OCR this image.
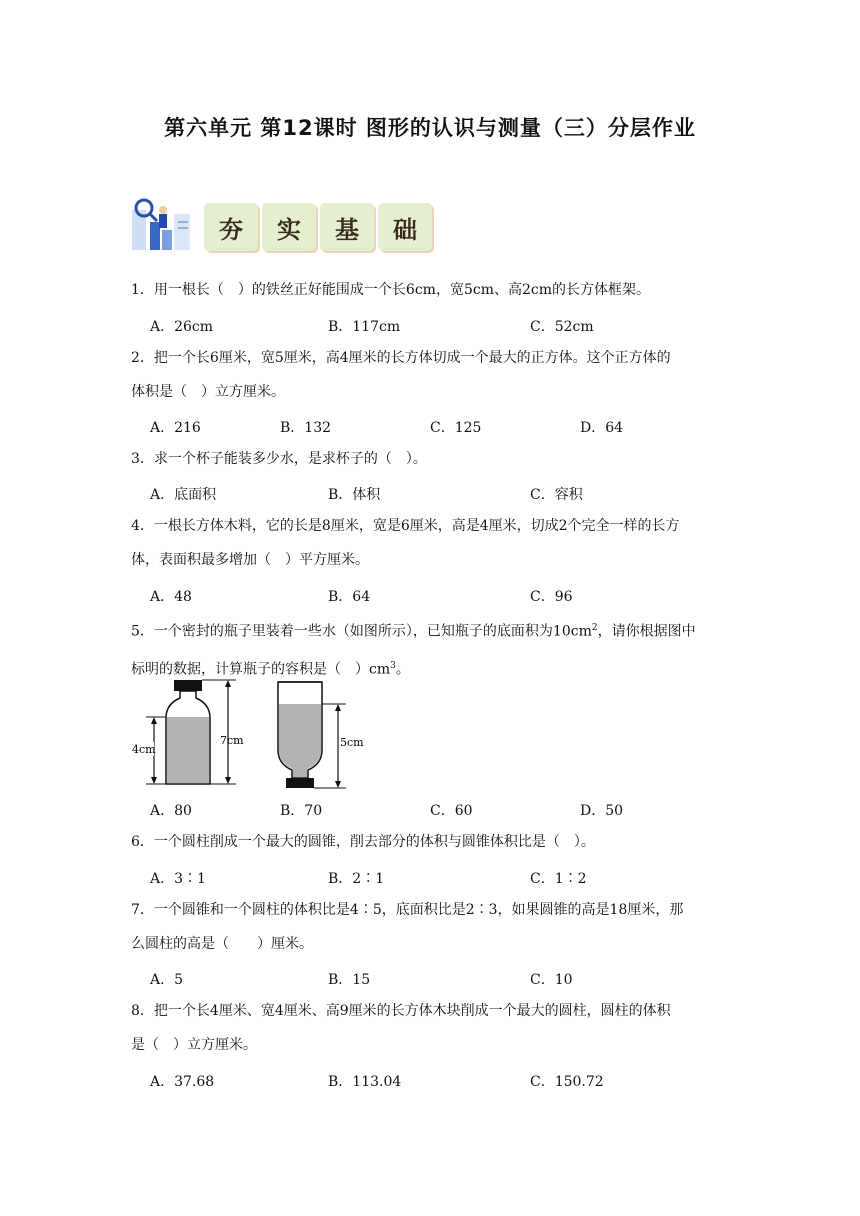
第六单元 第12课时 图形的认识与测量（三）分层作业
夯	实	基	础
1．用一根长（　）的铁丝正好能围成一个长6cm，宽5cm、高2cm的长方体框架。
A．26cm	B．117cm	C．52cm
2．把一个长6厘米，宽5厘米，高4厘米的长方体切成一个最大的正方体。这个正方体的
体积是（　）立方厘米。
A．216	B．132	C．125	D．64
3．求一个杯子能装多少水，是求杯子的（　）。
A．底面积	B．体积	C．容积
4．一根长方体木料，它的长是8厘米，宽是6厘米，高是4厘米，切成2个完全一样的长方
体，表面积最多增加（　）平方厘米。
A．48	B．64	C．96
5．一个密封的瓶子里装着一些水（如图所示），已知瓶子的底面积为$10cm^2$，请你根据图中
标明的数据，计算瓶子的容积是（　）$cm^3$。
4cm
7cm	5cm
A．80	B．70	C．60	D．50
6．一个圆柱削成一个最大的圆锥，削去部分的体积与圆锥体积比是（　）。
A．3∶1	B．2∶1	C．1∶2
7．一个圆锥和一个圆柱的体积比是4∶5，底面积比是2∶3，如果圆锥的高是18厘米，那
么圆柱的高是（　　）厘米。
A．5	B．15	C．10
8．把一个长4厘米、宽4厘米、高9厘米的长方体木块削成一个最大的圆柱，圆柱的体积
是（　）立方厘米。
A．37.68	B．113.04	C．150.72
